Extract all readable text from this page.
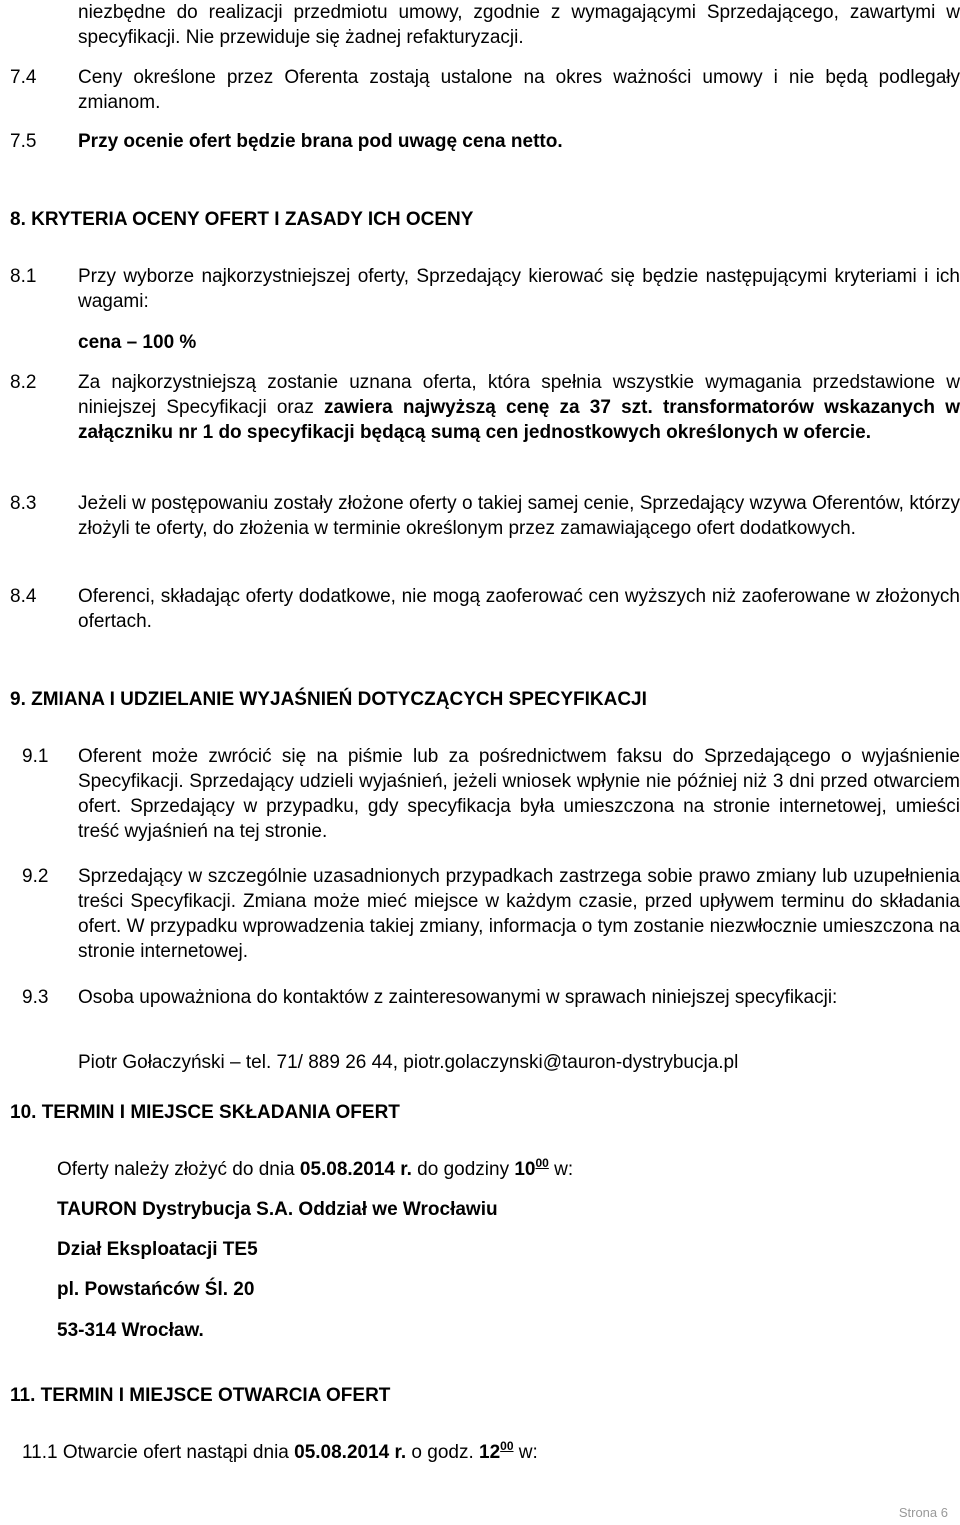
niezbędne do realizacji przedmiotu umowy, zgodnie z wymagającymi Sprzedającego, zawartymi w specyfikacji. Nie przewiduje się żadnej refakturyzacji.
7.4 Ceny określone przez Oferenta zostają ustalone na okres ważności umowy i nie będą podlegały zmianom.
7.5 Przy ocenie ofert będzie brana pod uwagę cena netto.
8. KRYTERIA OCENY OFERT I ZASADY ICH OCENY
8.1 Przy wyborze najkorzystniejszej oferty, Sprzedający kierować się będzie następującymi kryteriami i ich wagami:
cena – 100 %
8.2 Za najkorzystniejszą zostanie uznana oferta, która spełnia wszystkie wymagania przedstawione w niniejszej Specyfikacji oraz zawiera najwyższą cenę za 37 szt. transformatorów wskazanych w załączniku nr 1 do specyfikacji będącą sumą cen jednostkowych określonych w ofercie.
8.3 Jeżeli w postępowaniu zostały złożone oferty o takiej samej cenie, Sprzedający wzywa Oferentów, którzy złożyli te oferty, do złożenia w terminie określonym przez zamawiającego ofert dodatkowych.
8.4 Oferenci, składając oferty dodatkowe, nie mogą zaoferować cen wyższych niż zaoferowane w złożonych ofertach.
9. ZMIANA I UDZIELANIE WYJAŚNIEŃ DOTYCZĄCYCH SPECYFIKACJI
9.1 Oferent może zwrócić się na piśmie lub za pośrednictwem faksu do Sprzedającego o wyjaśnienie Specyfikacji. Sprzedający udzieli wyjaśnień, jeżeli wniosek wpłynie nie później niż 3 dni przed otwarciem ofert. Sprzedający w przypadku, gdy specyfikacja była umieszczona na stronie internetowej, umieści treść wyjaśnień na tej stronie.
9.2 Sprzedający w szczególnie uzasadnionych przypadkach zastrzega sobie prawo zmiany lub uzupełnienia treści Specyfikacji. Zmiana może mieć miejsce w każdym czasie, przed upływem terminu do składania ofert. W przypadku wprowadzenia takiej zmiany, informacja o tym zostanie niezwłocznie umieszczona na stronie internetowej.
9.3 Osoba upoważniona do kontaktów z zainteresowanymi w sprawach niniejszej specyfikacji:
Piotr Gołaczyński – tel. 71/ 889 26 44, piotr.golaczynski@tauron-dystrybucja.pl
10. TERMIN I MIEJSCE SKŁADANIA OFERT
Oferty należy złożyć do dnia 05.08.2014 r. do godziny $10^{00}$ w:
TAURON Dystrybucja S.A. Oddział we Wrocławiu
Dział Eksploatacji TE5
pl. Powstańców Śl. 20
53-314 Wrocław.
11. TERMIN I MIEJSCE OTWARCIA OFERT
11.1 Otwarcie ofert nastąpi dnia 05.08.2014 r. o godz. $12^{00}$ w:
Strona 6
